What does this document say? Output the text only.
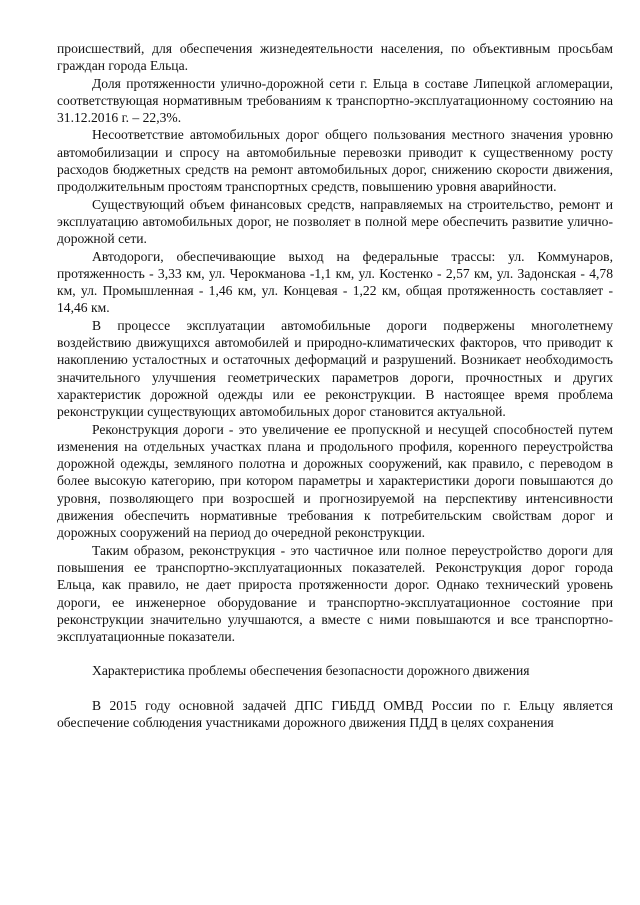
происшествий, для обеспечения жизнедеятельности населения, по объективным просьбам граждан города Ельца.

Доля протяженности улично-дорожной сети г. Ельца в составе Липецкой агломерации, соответствующая нормативным требованиям к транспортно-эксплуатационному состоянию на 31.12.2016 г. – 22,3%.

Несоответствие автомобильных дорог общего пользования местного значения уровню автомобилизации и спросу на автомобильные перевозки приводит к существенному росту расходов бюджетных средств на ремонт автомобильных дорог, снижению скорости движения, продолжительным простоям транспортных средств, повышению уровня аварийности.

Существующий объем финансовых средств, направляемых на строительство, ремонт и эксплуатацию автомобильных дорог, не позволяет в полной мере обеспечить развитие улично-дорожной сети.

Автодороги, обеспечивающие выход на федеральные трассы: ул. Коммунаров, протяженность - 3,33 км, ул. Черокманова -1,1 км, ул. Костенко - 2,57 км, ул. Задонская - 4,78 км, ул. Промышленная - 1,46 км, ул. Концевая - 1,22 км, общая протяженность составляет - 14,46 км.

В процессе эксплуатации автомобильные дороги подвержены многолетнему воздействию движущихся автомобилей и природно-климатических факторов, что приводит к накоплению усталостных и остаточных деформаций и разрушений. Возникает необходимость значительного улучшения геометрических параметров дороги, прочностных и других характеристик дорожной одежды или ее реконструкции. В настоящее время проблема реконструкции существующих автомобильных дорог становится актуальной.

Реконструкция дороги - это увеличение ее пропускной и несущей способностей путем изменения на отдельных участках плана и продольного профиля, коренного переустройства дорожной одежды, земляного полотна и дорожных сооружений, как правило, с переводом в более высокую категорию, при котором параметры и характеристики дороги повышаются до уровня, позволяющего при возросшей и прогнозируемой на перспективу интенсивности движения обеспечить нормативные требования к потребительским свойствам дорог и дорожных сооружений на период до очередной реконструкции.

Таким образом, реконструкция - это частичное или полное переустройство дороги для повышения ее транспортно-эксплуатационных показателей. Реконструкция дорог города Ельца, как правило, не дает прироста протяженности дорог. Однако технический уровень дороги, ее инженерное оборудование и транспортно-эксплуатационное состояние при реконструкции значительно улучшаются, а вместе с ними повышаются и все транспортно-эксплуатационные показатели.

Характеристика проблемы обеспечения безопасности дорожного движения

В 2015 году основной задачей ДПС ГИБДД ОМВД России по г. Ельцу является обеспечение соблюдения участниками дорожного движения ПДД в целях сохранения
